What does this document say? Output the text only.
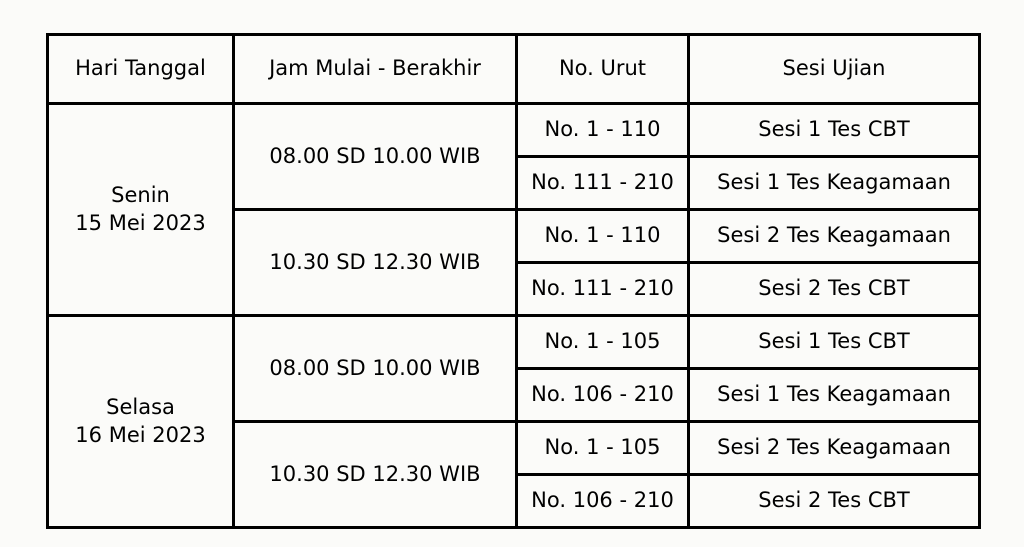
Hari Tanggal	Jam Mulai - Berakhir	No. Urut	Sesi Ujian

Senin
15 Mei 2023	08.00 SD 10.00 WIB	No. 1 - 110	Sesi 1 Tes CBT
		No. 111 - 210	Sesi 1 Tes Keagamaan
	10.30 SD 12.30 WIB	No. 1 - 110	Sesi 2 Tes Keagamaan
		No. 111 - 210	Sesi 2 Tes CBT

Selasa
16 Mei 2023	08.00 SD 10.00 WIB	No. 1 - 105	Sesi 1 Tes CBT
		No. 106 - 210	Sesi 1 Tes Keagamaan
	10.30 SD 12.30 WIB	No. 1 - 105	Sesi 2 Tes Keagamaan
		No. 106 - 210	Sesi 2 Tes CBT
